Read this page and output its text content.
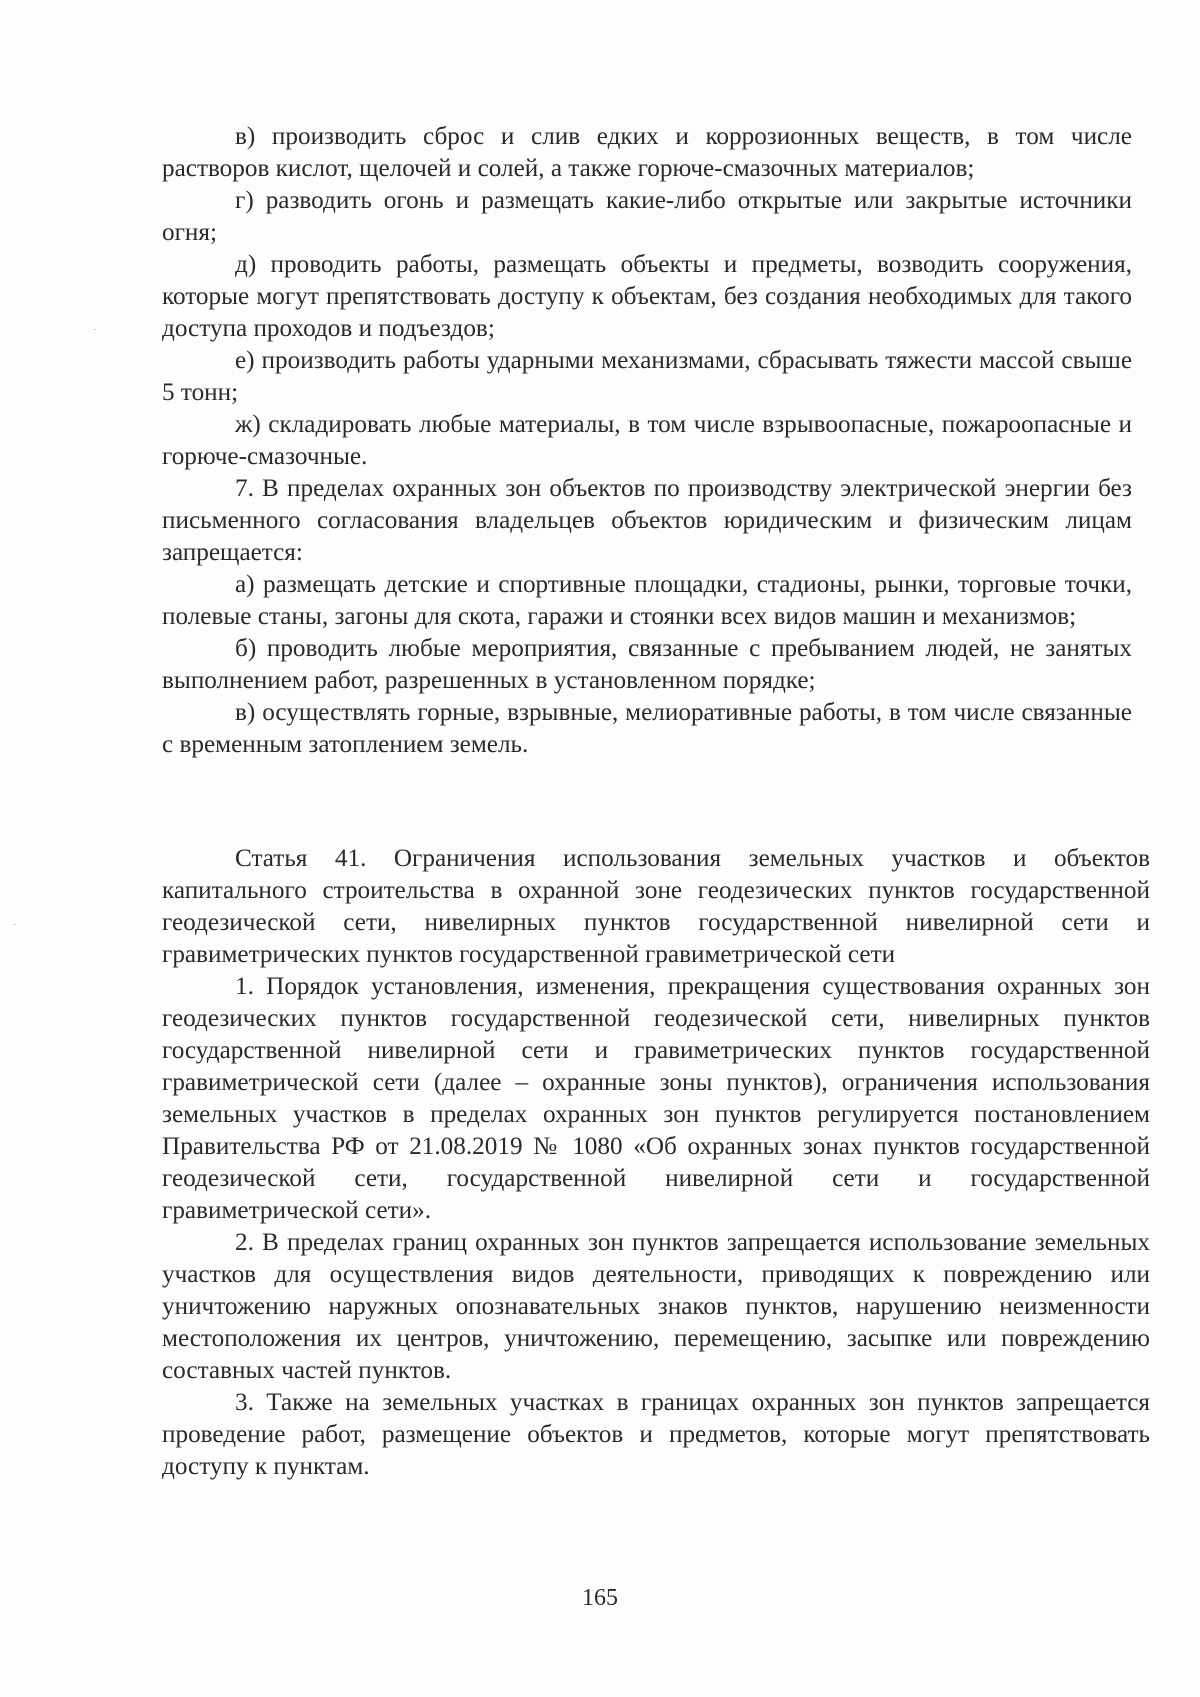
в) производить сброс и слив едких и коррозионных веществ, в том числе растворов кислот, щелочей и солей, а также горюче-смазочных материалов;

г) разводить огонь и размещать какие-либо открытые или закрытые источники огня;

д) проводить работы, размещать объекты и предметы, возводить сооружения, которые могут препятствовать доступу к объектам, без создания необходимых для такого доступа проходов и подъездов;

е) производить работы ударными механизмами, сбрасывать тяжести массой свыше 5 тонн;

ж) складировать любые материалы, в том числе взрывоопасные, пожароопасные и горюче-смазочные.

7. В пределах охранных зон объектов по производству электрической энергии без письменного согласования владельцев объектов юридическим и физическим лицам запрещается:

а) размещать детские и спортивные площадки, стадионы, рынки, торговые точки, полевые станы, загоны для скота, гаражи и стоянки всех видов машин и механизмов;

б) проводить любые мероприятия, связанные с пребыванием людей, не занятых выполнением работ, разрешенных в установленном порядке;

в) осуществлять горные, взрывные, мелиоративные работы, в том числе связанные с временным затоплением земель.

Статья 41. Ограничения использования земельных участков и объектов капитального строительства в охранной зоне геодезических пунктов государственной геодезической сети, нивелирных пунктов государственной нивелирной сети и гравиметрических пунктов государственной гравиметрической сети

1. Порядок установления, изменения, прекращения существования охранных зон геодезических пунктов государственной геодезической сети, нивелирных пунктов государственной нивелирной сети и гравиметрических пунктов государственной гравиметрической сети (далее – охранные зоны пунктов), ограничения использования земельных участков в пределах охранных зон пунктов регулируется постановлением Правительства РФ от 21.08.2019 № 1080 «Об охранных зонах пунктов государственной геодезической сети, государственной нивелирной сети и государственной гравиметрической сети».

2. В пределах границ охранных зон пунктов запрещается использование земельных участков для осуществления видов деятельности, приводящих к повреждению или уничтожению наружных опознавательных знаков пунктов, нарушению неизменности местоположения их центров, уничтожению, перемещению, засыпке или повреждению составных частей пунктов.

3. Также на земельных участках в границах охранных зон пунктов запрещается проведение работ, размещение объектов и предметов, которые могут препятствовать доступу к пунктам.

165
